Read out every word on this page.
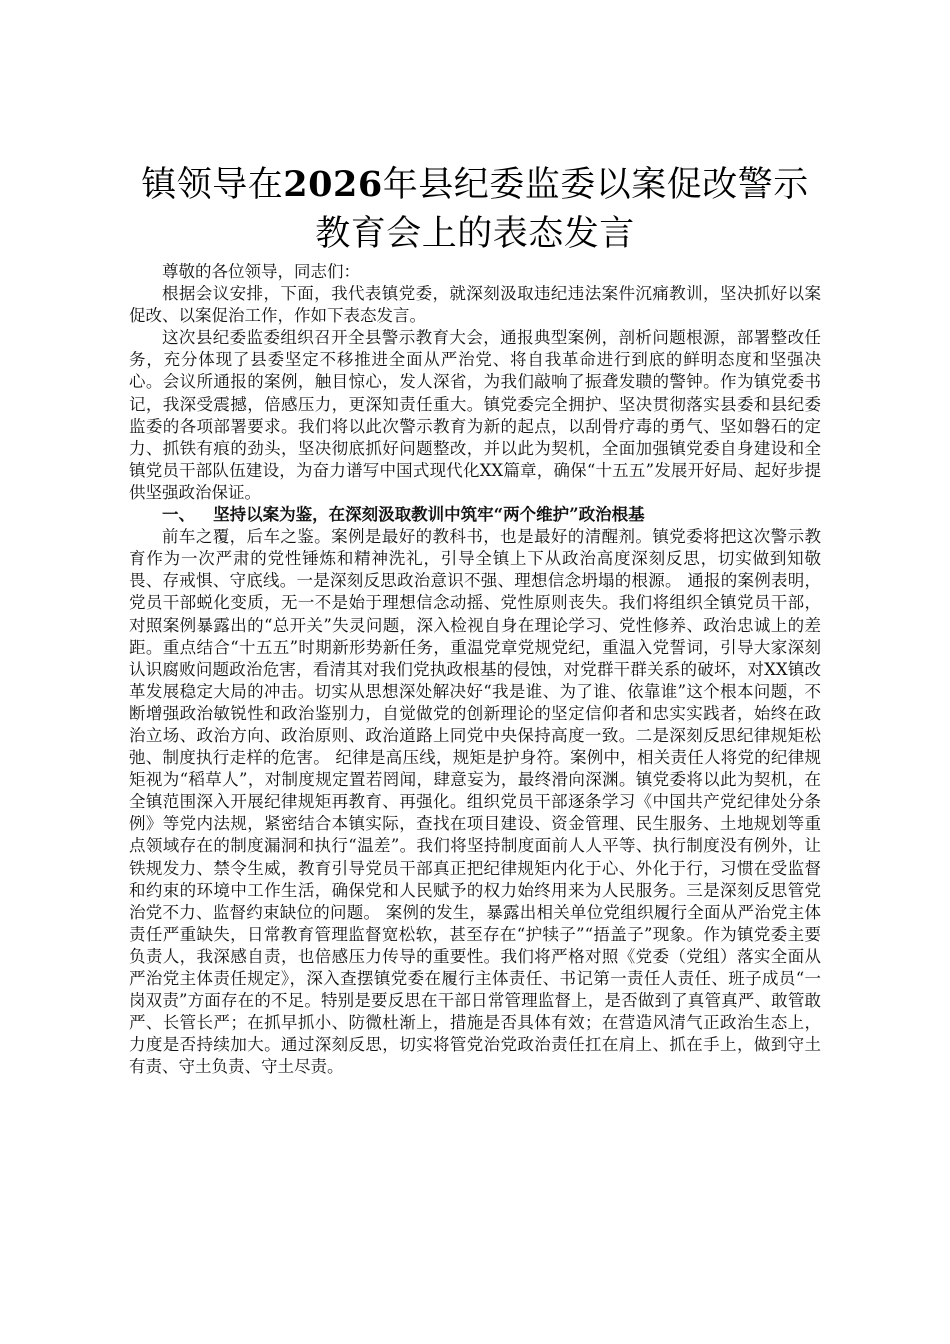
镇领导在2026年县纪委监委以案促改警示教育会上的表态发言

尊敬的各位领导，同志们：

根据会议安排，下面，我代表镇党委，就深刻汲取违纪违法案件沉痛教训，坚决抓好以案促改、以案促治工作，作如下表态发言。

这次县纪委监委组织召开全县警示教育大会，通报典型案例，剖析问题根源，部署整改任务，充分体现了县委坚定不移推进全面从严治党、将自我革命进行到底的鲜明态度和坚强决心。会议所通报的案例，触目惊心，发人深省，为我们敲响了振聋发聩的警钟。作为镇党委书记，我深受震撼，倍感压力，更深知责任重大。镇党委完全拥护、坚决贯彻落实县委和县纪委监委的各项部署要求。我们将以此次警示教育为新的起点，以刮骨疗毒的勇气、坚如磐石的定力、抓铁有痕的劲头，坚决彻底抓好问题整改，并以此为契机，全面加强镇党委自身建设和全镇党员干部队伍建设，为奋力谱写中国式现代化XX篇章，确保“十五五”发展开好局、起好步提供坚强政治保证。

一、 坚持以案为鉴，在深刻汲取教训中筑牢“两个维护”政治根基

前车之覆，后车之鉴。案例是最好的教科书，也是最好的清醒剂。镇党委将把这次警示教育作为一次严肃的党性锤炼和精神洗礼，引导全镇上下从政治高度深刻反思，切实做到知敬畏、存戒惧、守底线。一是深刻反思政治意识不强、理想信念坍塌的根源。 通报的案例表明，党员干部蜕化变质，无一不是始于理想信念动摇、党性原则丧失。我们将组织全镇党员干部，对照案例暴露出的“总开关”失灵问题，深入检视自身在理论学习、党性修养、政治忠诚上的差距。重点结合“十五五”时期新形势新任务，重温党章党规党纪，重温入党誓词，引导大家深刻认识腐败问题政治危害，看清其对我们党执政根基的侵蚀，对党群干群关系的破坏，对XX镇改革发展稳定大局的冲击。切实从思想深处解决好“我是谁、为了谁、依靠谁”这个根本问题，不断增强政治敏锐性和政治鉴别力，自觉做党的创新理论的坚定信仰者和忠实实践者，始终在政治立场、政治方向、政治原则、政治道路上同党中央保持高度一致。二是深刻反思纪律规矩松弛、制度执行走样的危害。 纪律是高压线，规矩是护身符。案例中，相关责任人将党的纪律规矩视为“稻草人”，对制度规定置若罔闻，肆意妄为，最终滑向深渊。镇党委将以此为契机，在全镇范围深入开展纪律规矩再教育、再强化。组织党员干部逐条学习《中国共产党纪律处分条例》等党内法规，紧密结合本镇实际，查找在项目建设、资金管理、民生服务、土地规划等重点领域存在的制度漏洞和执行“温差”。我们将坚持制度面前人人平等、执行制度没有例外，让铁规发力、禁令生威，教育引导党员干部真正把纪律规矩内化于心、外化于行，习惯在受监督和约束的环境中工作生活，确保党和人民赋予的权力始终用来为人民服务。三是深刻反思管党治党不力、监督约束缺位的问题。 案例的发生，暴露出相关单位党组织履行全面从严治党主体责任严重缺失，日常教育管理监督宽松软，甚至存在“护犊子”“捂盖子”现象。作为镇党委主要负责人，我深感自责，也倍感压力传导的重要性。我们将严格对照《党委（党组）落实全面从严治党主体责任规定》，深入查摆镇党委在履行主体责任、书记第一责任人责任、班子成员“一岗双责”方面存在的不足。特别是要反思在干部日常管理监督上，是否做到了真管真严、敢管敢严、长管长严；在抓早抓小、防微杜渐上，措施是否具体有效；在营造风清气正政治生态上，力度是否持续加大。通过深刻反思，切实将管党治党政治责任扛在肩上、抓在手上，做到守土有责、守土负责、守土尽责。
